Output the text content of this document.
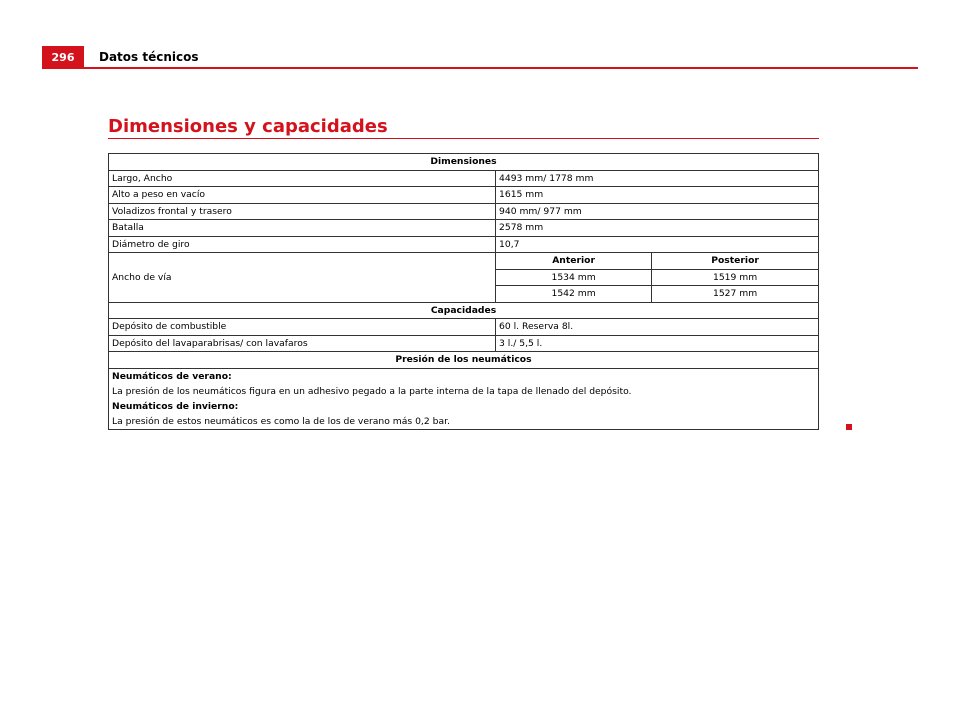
296	Datos técnicos
Dimensiones y capacidades
Dimensiones		
Largo, Ancho	4493 mm/ 1778 mm	
Alto a peso en vacío	1615 mm	
Voladizos frontal y trasero	940 mm/ 977 mm	
Batalla	2578 mm	
Diámetro de giro	10,7	
Ancho de vía	Anterior	Posterior
	1534 mm	1519 mm
	1542 mm	1527 mm
Capacidades		
Depósito de combustible	60 l. Reserva 8l.	
Depósito del lavaparabrisas/ con lavafaros	3 l./ 5,5 l.	
Presión de los neumáticos		

Neumáticos de verano:
La presión de los neumáticos figura en un adhesivo pegado a la parte interna de la tapa de llenado del depósito.
Neumáticos de invierno:
La presión de estos neumáticos es como la de los de verano más 0,2 bar.		
